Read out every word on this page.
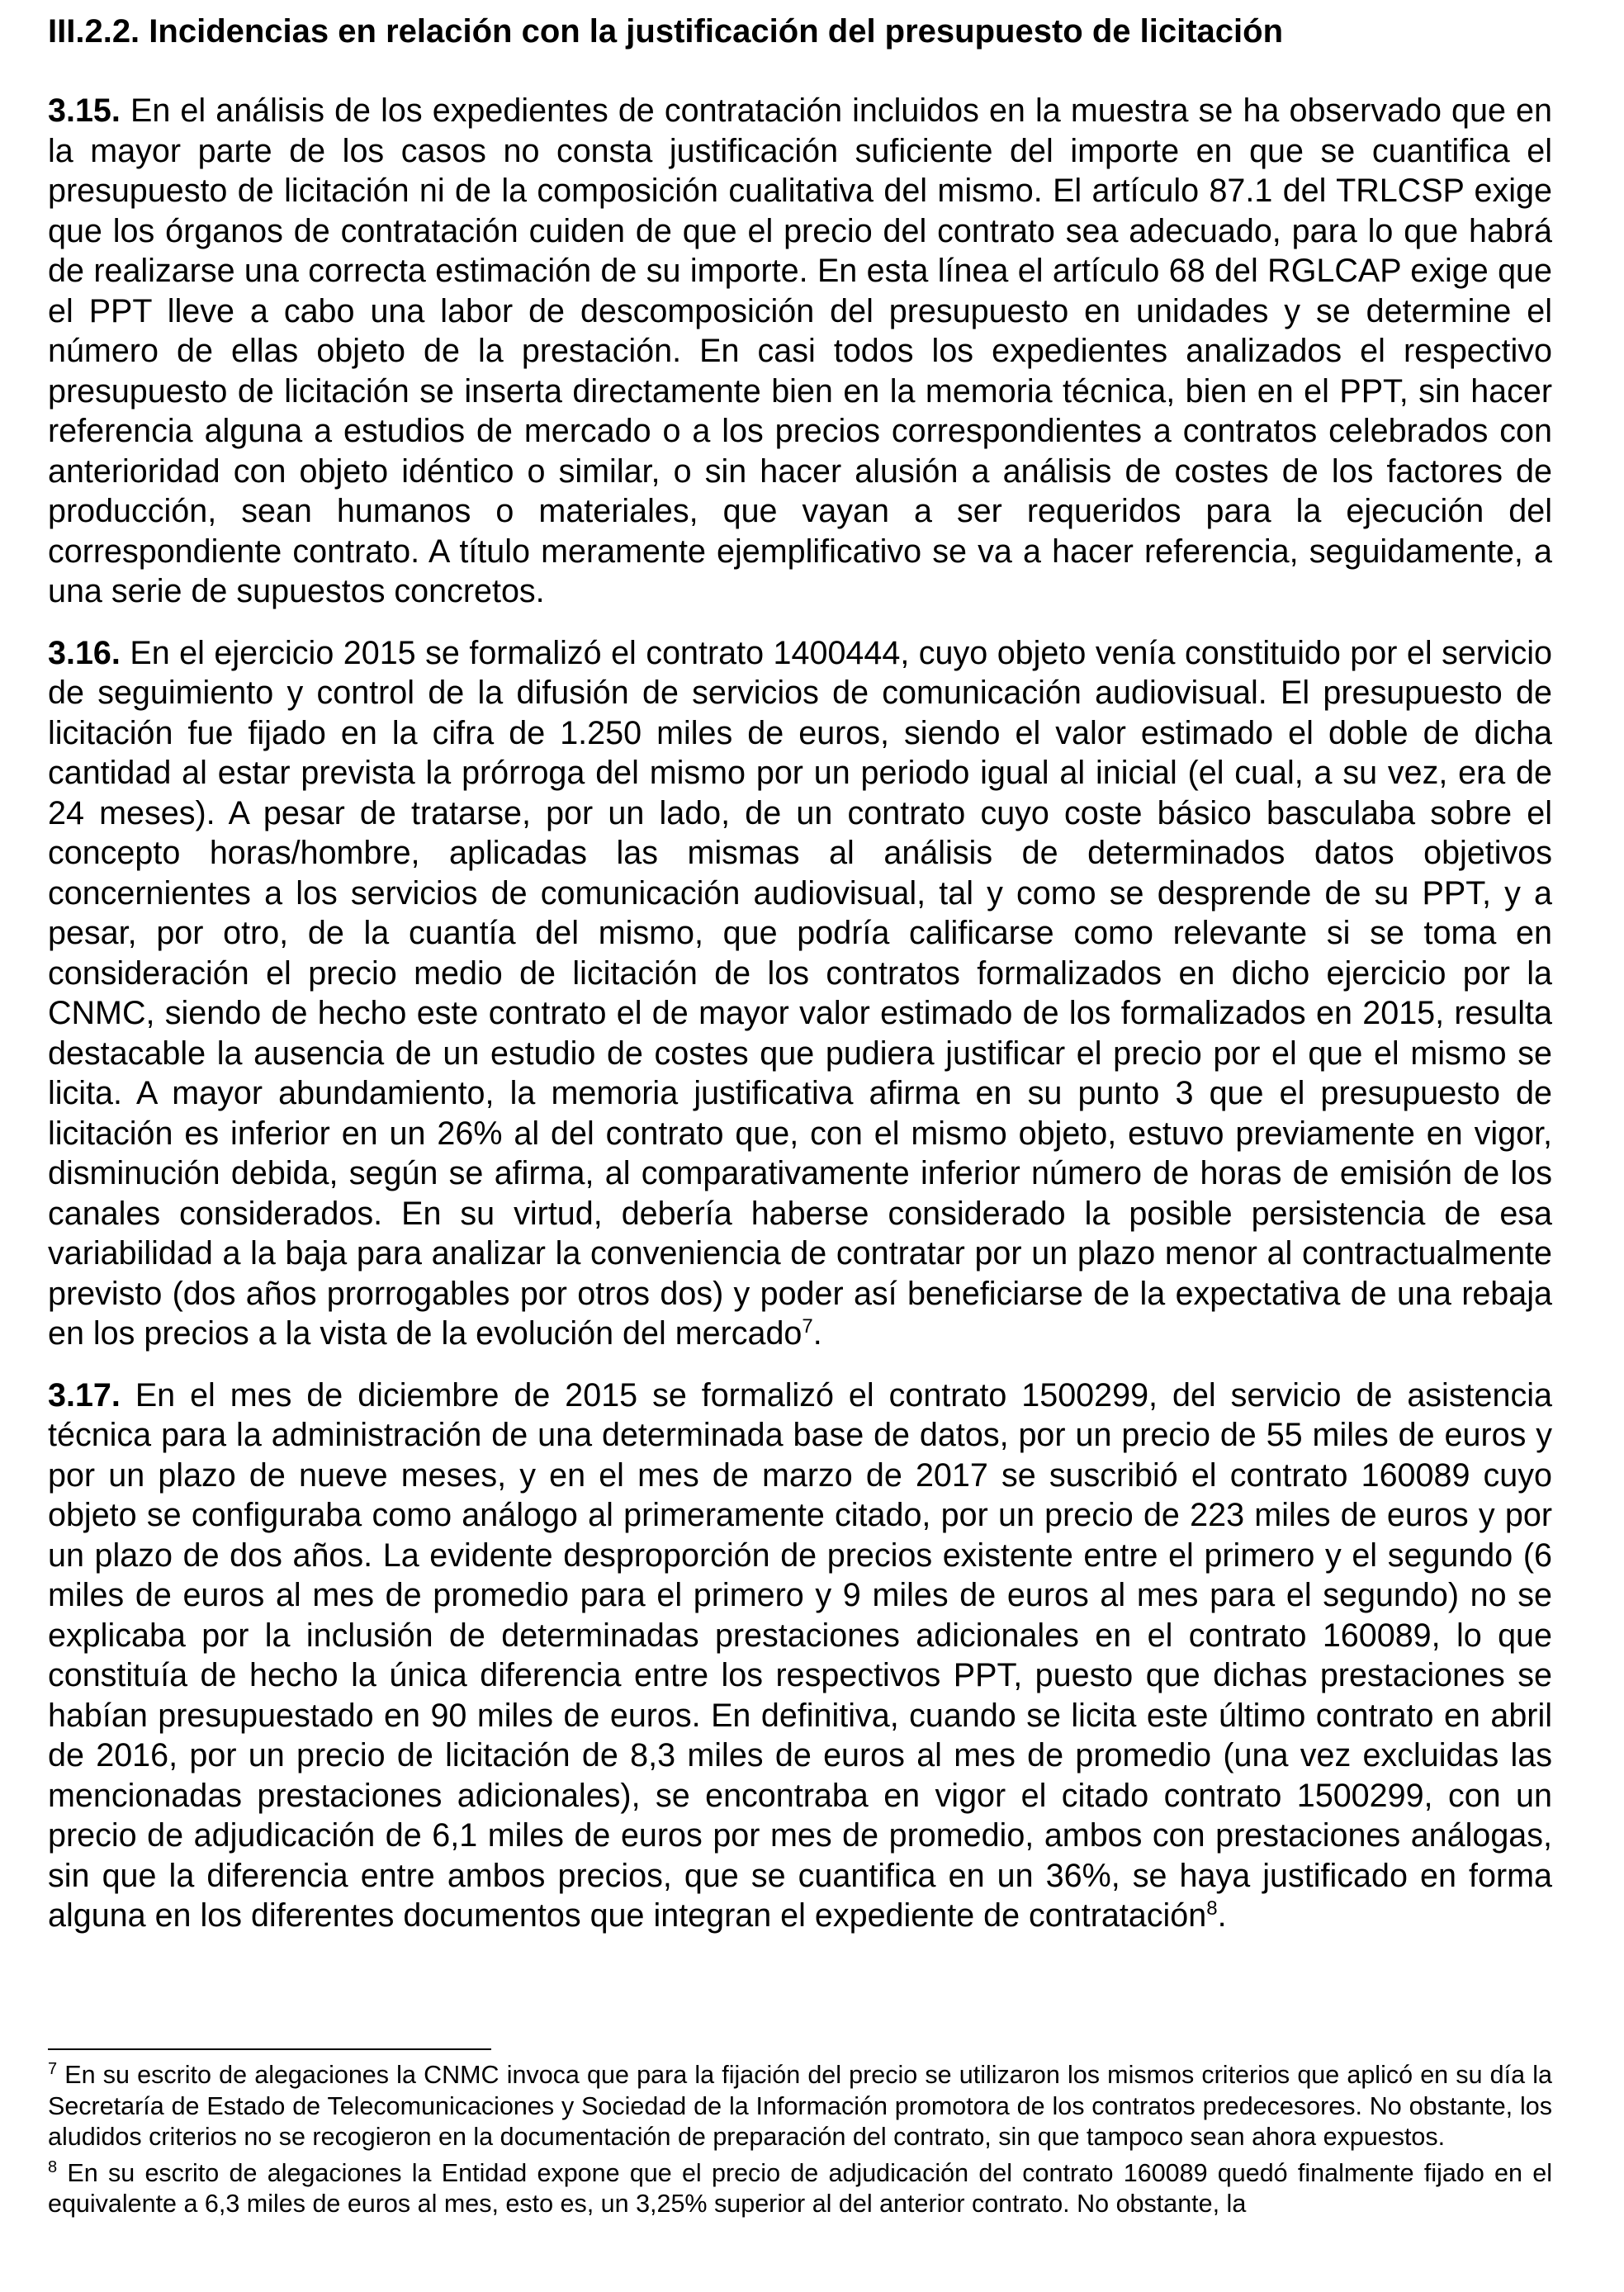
III.2.2. Incidencias en relación con la justificación del presupuesto de licitación

3.15. En el análisis de los expedientes de contratación incluidos en la muestra se ha observado que en la mayor parte de los casos no consta justificación suficiente del importe en que se cuantifica el presupuesto de licitación ni de la composición cualitativa del mismo. El artículo 87.1 del TRLCSP exige que los órganos de contratación cuiden de que el precio del contrato sea adecuado, para lo que habrá de realizarse una correcta estimación de su importe. En esta línea el artículo 68 del RGLCAP exige que el PPT lleve a cabo una labor de descomposición del presupuesto en unidades y se determine el número de ellas objeto de la prestación. En casi todos los expedientes analizados el respectivo presupuesto de licitación se inserta directamente bien en la memoria técnica, bien en el PPT, sin hacer referencia alguna a estudios de mercado o a los precios correspondientes a contratos celebrados con anterioridad con objeto idéntico o similar, o sin hacer alusión a análisis de costes de los factores de producción, sean humanos o materiales, que vayan a ser requeridos para la ejecución del correspondiente contrato. A título meramente ejemplificativo se va a hacer referencia, seguidamente, a una serie de supuestos concretos.

3.16. En el ejercicio 2015 se formalizó el contrato 1400444, cuyo objeto venía constituido por el servicio de seguimiento y control de la difusión de servicios de comunicación audiovisual. El presupuesto de licitación fue fijado en la cifra de 1.250 miles de euros, siendo el valor estimado el doble de dicha cantidad al estar prevista la prórroga del mismo por un periodo igual al inicial (el cual, a su vez, era de 24 meses). A pesar de tratarse, por un lado, de un contrato cuyo coste básico basculaba sobre el concepto horas/hombre, aplicadas las mismas al análisis de determinados datos objetivos concernientes a los servicios de comunicación audiovisual, tal y como se desprende de su PPT, y a pesar, por otro, de la cuantía del mismo, que podría calificarse como relevante si se toma en consideración el precio medio de licitación de los contratos formalizados en dicho ejercicio por la CNMC, siendo de hecho este contrato el de mayor valor estimado de los formalizados en 2015, resulta destacable la ausencia de un estudio de costes que pudiera justificar el precio por el que el mismo se licita. A mayor abundamiento, la memoria justificativa afirma en su punto 3 que el presupuesto de licitación es inferior en un 26% al del contrato que, con el mismo objeto, estuvo previamente en vigor, disminución debida, según se afirma, al comparativamente inferior número de horas de emisión de los canales considerados. En su virtud, debería haberse considerado la posible persistencia de esa variabilidad a la baja para analizar la conveniencia de contratar por un plazo menor al contractualmente previsto (dos años prorrogables por otros dos) y poder así beneficiarse de la expectativa de una rebaja en los precios a la vista de la evolución del mercado$^7$.

3.17. En el mes de diciembre de 2015 se formalizó el contrato 1500299, del servicio de asistencia técnica para la administración de una determinada base de datos, por un precio de 55 miles de euros y por un plazo de nueve meses, y en el mes de marzo de 2017 se suscribió el contrato 160089 cuyo objeto se configuraba como análogo al primeramente citado, por un precio de 223 miles de euros y por un plazo de dos años. La evidente desproporción de precios existente entre el primero y el segundo (6 miles de euros al mes de promedio para el primero y 9 miles de euros al mes para el segundo) no se explicaba por la inclusión de determinadas prestaciones adicionales en el contrato 160089, lo que constituía de hecho la única diferencia entre los respectivos PPT, puesto que dichas prestaciones se habían presupuestado en 90 miles de euros. En definitiva, cuando se licita este último contrato en abril de 2016, por un precio de licitación de 8,3 miles de euros al mes de promedio (una vez excluidas las mencionadas prestaciones adicionales), se encontraba en vigor el citado contrato 1500299, con un precio de adjudicación de 6,1 miles de euros por mes de promedio, ambos con prestaciones análogas, sin que la diferencia entre ambos precios, que se cuantifica en un 36%, se haya justificado en forma alguna en los diferentes documentos que integran el expediente de contratación$^8$.

$^7$ En su escrito de alegaciones la CNMC invoca que para la fijación del precio se utilizaron los mismos criterios que aplicó en su día la Secretaría de Estado de Telecomunicaciones y Sociedad de la Información promotora de los contratos predecesores. No obstante, los aludidos criterios no se recogieron en la documentación de preparación del contrato, sin que tampoco sean ahora expuestos.

$^8$ En su escrito de alegaciones la Entidad expone que el precio de adjudicación del contrato 160089 quedó finalmente fijado en el equivalente a 6,3 miles de euros al mes, esto es, un 3,25% superior al del anterior contrato. No obstante, la
